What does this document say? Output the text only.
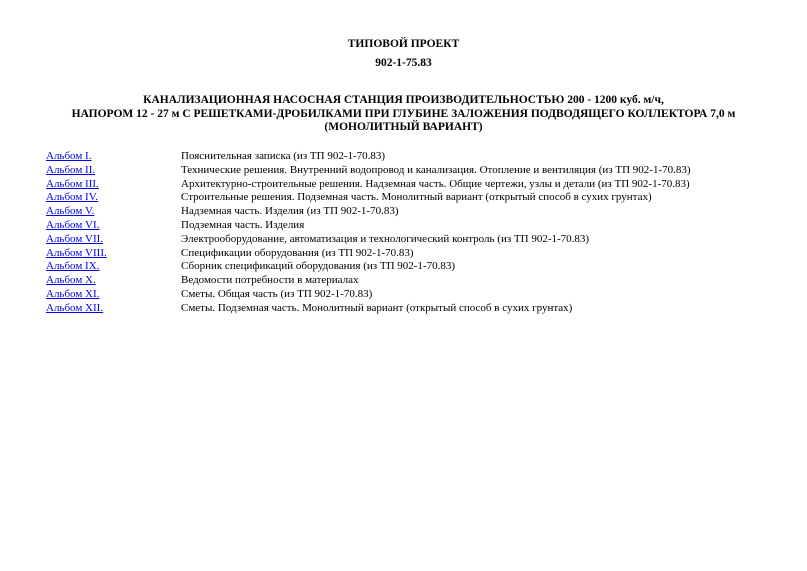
ТИПОВОЙ ПРОЕКТ
902-1-75.83
КАНАЛИЗАЦИОННАЯ НАСОСНАЯ СТАНЦИЯ ПРОИЗВОДИТЕЛЬНОСТЬЮ 200 - 1200 куб. м/ч,
НАПОРОМ 12 - 27 м С РЕШЕТКАМИ-ДРОБИЛКАМИ ПРИ ГЛУБИНЕ ЗАЛОЖЕНИЯ ПОДВОДЯЩЕГО КОЛЛЕКТОРА 7,0 м
(МОНОЛИТНЫЙ ВАРИАНТ)
Альбом I.	Пояснительная записка (из ТП 902-1-70.83)
Альбом II.	Технические решения. Внутренний водопровод и канализация. Отопление и вентиляция (из ТП 902-1-70.83)
Альбом III.	Архитектурно-строительные решения. Надземная часть. Общие чертежи, узлы и детали (из ТП 902-1-70.83)
Альбом IV.	Строительные решения. Подземная часть. Монолитный вариант (открытый способ в сухих грунтах)
Альбом V.	Надземная часть. Изделия (из ТП 902-1-70.83)
Альбом VI.	Подземная часть. Изделия
Альбом VII.	Электрооборудование, автоматизация и технологический контроль (из ТП 902-1-70.83)
Альбом VIII.	Спецификации оборудования (из ТП 902-1-70.83)
Альбом IX.	Сборник спецификаций оборудования (из ТП 902-1-70.83)
Альбом X.	Ведомости потребности в материалах
Альбом XI.	Сметы. Общая часть (из ТП 902-1-70.83)
Альбом XII.	Сметы. Подземная часть. Монолитный вариант (открытый способ в сухих грунтах)
